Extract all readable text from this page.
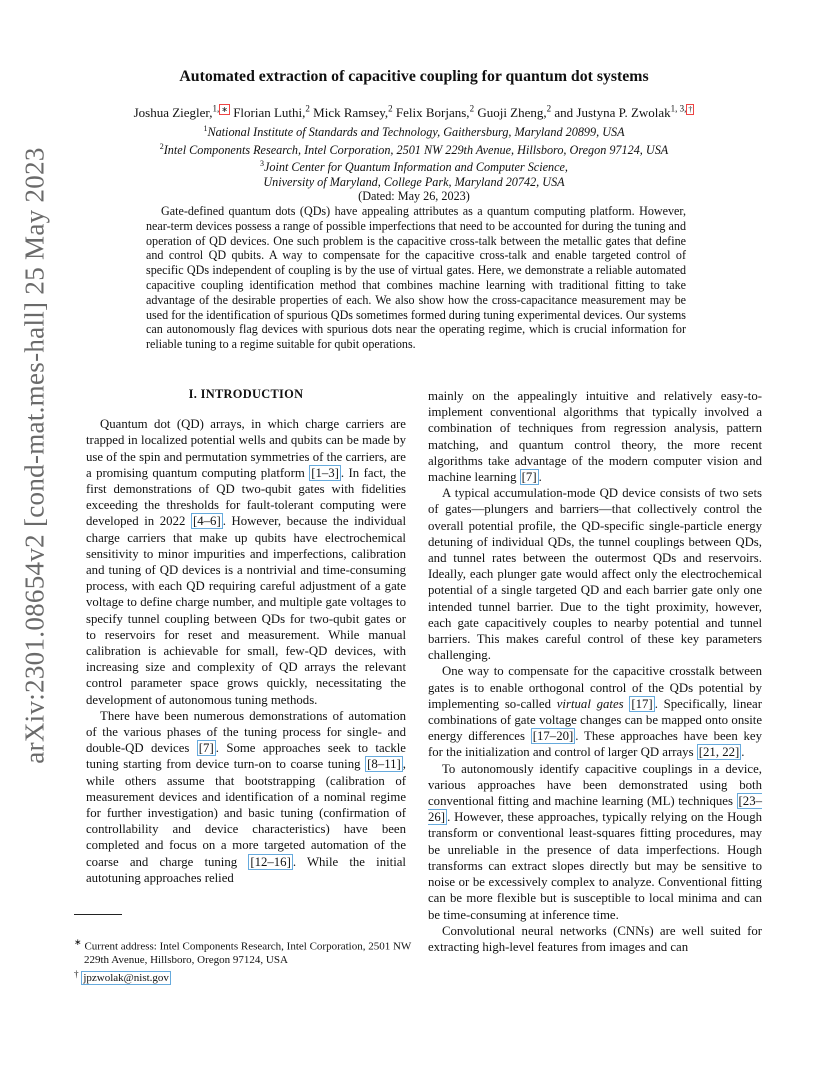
arXiv:2301.08654v2 [cond-mat.mes-hall] 25 May 2023
Automated extraction of capacitive coupling for quantum dot systems
Joshua Ziegler,$^{1,}$ ∗ Florian Luthi,$^2$ Mick Ramsey,$^2$ Felix Borjans,$^2$ Guoji Zheng,$^2$ and Justyna P. Zwolak$^{1, 3,}$ †
$^1$National Institute of Standards and Technology, Gaithersburg, Maryland 20899, USA
$^2$Intel Components Research, Intel Corporation, 2501 NW 229th Avenue, Hillsboro, Oregon 97124, USA
$^3$Joint Center for Quantum Information and Computer Science,
University of Maryland, College Park, Maryland 20742, USA
(Dated: May 26, 2023)
Gate-defined quantum dots (QDs) have appealing attributes as a quantum computing platform. However, near-term devices possess a range of possible imperfections that need to be accounted for during the tuning and operation of QD devices. One such problem is the capacitive cross-talk between the metallic gates that define and control QD qubits. A way to compensate for the capacitive cross-talk and enable targeted control of specific QDs independent of coupling is by the use of virtual gates. Here, we demonstrate a reliable automated capacitive coupling identification method that combines machine learning with traditional fitting to take advantage of the desirable properties of each. We also show how the cross-capacitance measurement may be used for the identification of spurious QDs sometimes formed during tuning experimental devices. Our systems can autonomously flag devices with spurious dots near the operating regime, which is crucial information for reliable tuning to a regime suitable for qubit operations.
I. INTRODUCTION

Quantum dot (QD) arrays, in which charge carriers are trapped in localized potential wells and qubits can be made by use of the spin and permutation symmetries of the carriers, are a promising quantum computing platform [1–3] . In fact, the first demonstrations of QD two-qubit gates with fidelities exceeding the thresholds for fault-tolerant computing were developed in 2022 [4–6] . However, because the individual charge carriers that make up qubits have electrochemical sensitivity to minor impurities and imperfections, calibration and tuning of QD devices is a nontrivial and time-consuming process, with each QD requiring careful adjustment of a gate voltage to define charge number, and multiple gate voltages to specify tunnel coupling between QDs for two-qubit gates or to reservoirs for reset and measurement. While manual calibration is achievable for small, few-QD devices, with increasing size and complexity of QD arrays the relevant control parameter space grows quickly, necessitating the development of autonomous tuning methods.

There have been numerous demonstrations of automation of the various phases of the tuning process for single- and double-QD devices [7] . Some approaches seek to tackle tuning starting from device turn-on to coarse tuning [8–11] , while others assume that bootstrapping (calibration of measurement devices and identification of a nominal regime for further investigation) and basic tuning (confirmation of controllability and device characteristics) have been completed and focus on a more targeted automation of the coarse and charge tuning [12–16] . While the initial autotuning approaches relied

mainly on the appealingly intuitive and relatively easy-to-implement conventional algorithms that typically involved a combination of techniques from regression analysis, pattern matching, and quantum control theory, the more recent algorithms take advantage of the modern computer vision and machine learning [7] .

A typical accumulation-mode QD device consists of two sets of gates—plungers and barriers—that collectively control the overall potential profile, the QD-specific single-particle energy detuning of individual QDs, the tunnel couplings between QDs, and tunnel rates between the outermost QDs and reservoirs. Ideally, each plunger gate would affect only the electrochemical potential of a single targeted QD and each barrier gate only one intended tunnel barrier. Due to the tight proximity, however, each gate capacitively couples to nearby potential and tunnel barriers. This makes careful control of these key parameters challenging.

One way to compensate for the capacitive crosstalk between gates is to enable orthogonal control of the QDs potential by implementing so-called virtual gates [17] . Specifically, linear combinations of gate voltage changes can be mapped onto onsite energy differences [17–20] . These approaches have been key for the initialization and control of larger QD arrays [21, 22] .

To autonomously identify capacitive couplings in a device, various approaches have been demonstrated using both conventional fitting and machine learning (ML) techniques [23–26] . However, these approaches, typically relying on the Hough transform or conventional least-squares fitting procedures, may be unreliable in the presence of data imperfections. Hough transforms can extract slopes directly but may be sensitive to noise or be excessively complex to analyze. Conventional fitting can be more flexible but is susceptible to local minima and can be time-consuming at inference time.

Convolutional neural networks (CNNs) are well suited for extracting high-level features from images and can

∗ Current address: Intel Components Research, Intel Corporation, 2501 NW 229th Avenue, Hillsboro, Oregon 97124, USA
† jpzwolak@nist.gov
